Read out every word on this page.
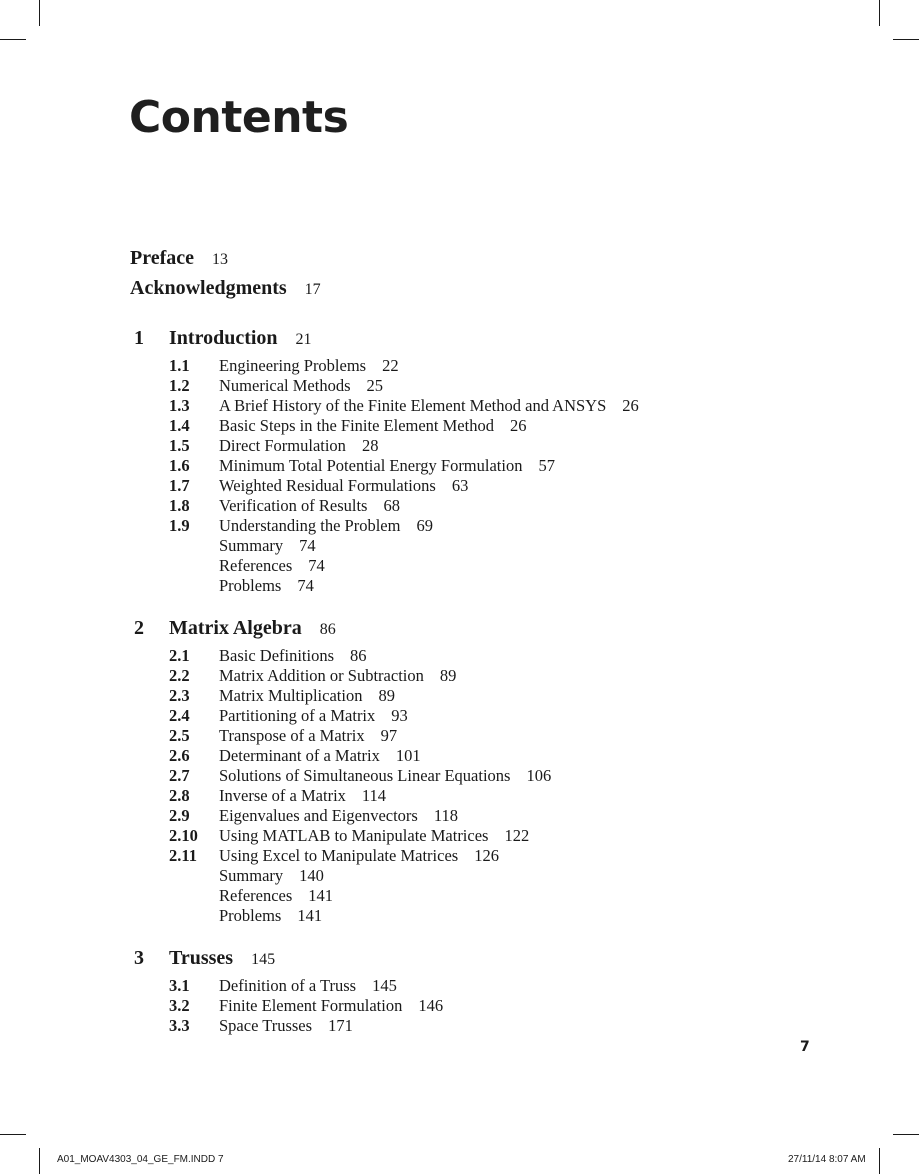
Contents
Preface 13
Acknowledgments 17
1 Introduction 21
1.1 Engineering Problems 22
1.2 Numerical Methods 25
1.3 A Brief History of the Finite Element Method and ANSYS 26
1.4 Basic Steps in the Finite Element Method 26
1.5 Direct Formulation 28
1.6 Minimum Total Potential Energy Formulation 57
1.7 Weighted Residual Formulations 63
1.8 Verification of Results 68
1.9 Understanding the Problem 69
Summary 74
References 74
Problems 74
2 Matrix Algebra 86
2.1 Basic Definitions 86
2.2 Matrix Addition or Subtraction 89
2.3 Matrix Multiplication 89
2.4 Partitioning of a Matrix 93
2.5 Transpose of a Matrix 97
2.6 Determinant of a Matrix 101
2.7 Solutions of Simultaneous Linear Equations 106
2.8 Inverse of a Matrix 114
2.9 Eigenvalues and Eigenvectors 118
2.10 Using MATLAB to Manipulate Matrices 122
2.11 Using Excel to Manipulate Matrices 126
Summary 140
References 141
Problems 141
3 Trusses 145
3.1 Definition of a Truss 145
3.2 Finite Element Formulation 146
3.3 Space Trusses 171
7
A01_MOAV4303_04_GE_FM.INDD 7	27/11/14 8:07 AM
